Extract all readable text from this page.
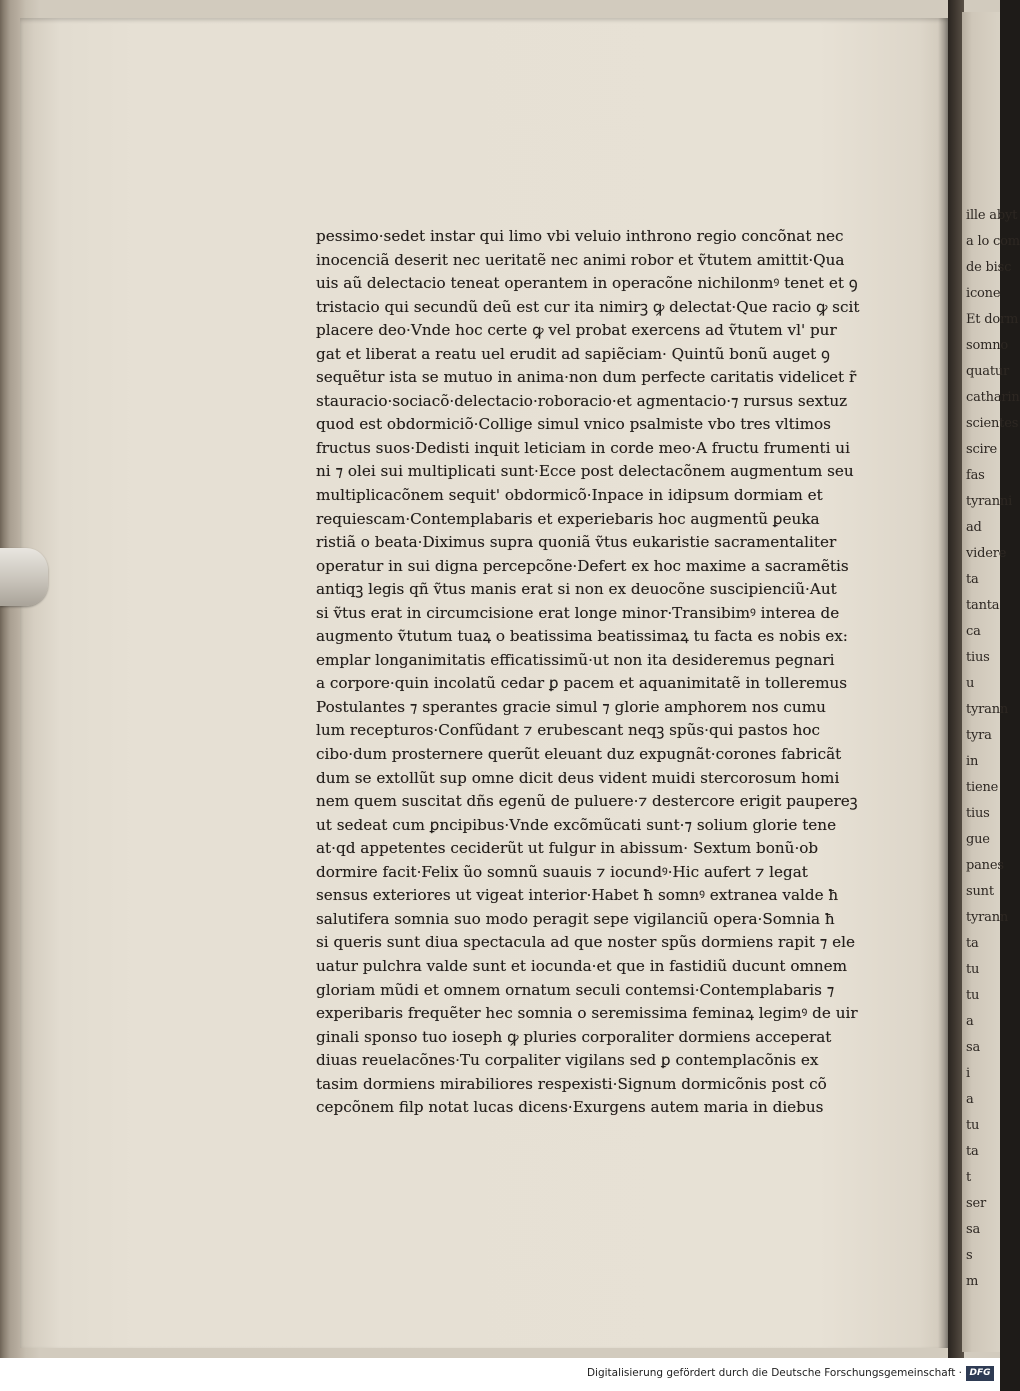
pessimo·sedet instar qui limo vbi veluio inthrono regio concõnat nec
inocenciã deserit nec ueritatẽ nec animi robor et ṽtutem amittit·Qua
uis aũ delectacio teneat operantem in operacõne nichilonmꝰ tenet et ꝯ
tristacio qui secundũ deũ est cur ita nimirꝫ ꝙ delectat·Que racio ꝙ scit
placere deo·Vnde hoc certe ꝙ vel probat exercens ad ṽtutem vl' pur
gat et liberat a reatu uel erudit ad sapiẽciam· Quintũ bonũ auget ꝯ
sequẽtur ista se mutuo in anima·non dum perfecte caritatis videlicet r̃
stauracio·sociacõ·delectacio·roboracio·et agmentacio·⁊ rursus sextuz
quod est obdormiciõ·Collige simul vnico psalmiste vbo tres vltimos
fructus suos·Dedisti inquit leticiam in corde meo·A fructu frumenti ui
ni ⁊ olei sui multiplicati sunt·Ecce post delectacõnem augmentum seu
multiplicacõnem sequit' obdormicõ·Inpace in idipsum dormiam et
requiescam·Contemplabaris et experiebaris hoc augmentũ ꝑeuka
ristiã o beata·Diximus supra quoniã ṽtus eukaristie sacramentaliter
operatur in sui digna percepcõne·Defert ex hoc maxime a sacramẽtis
antiqꝫ legis qñ ṽtus manis erat si non ex deuocõne suscipienciũ·Aut
si ṽtus erat in circumcisione erat longe minor·Transibimꝰ interea de
augmento ṽtutum tuaꝝ o beatissima beatissimaꝝ tu facta es nobis ex:
emplar longanimitatis efficatissimũ·ut non ita desideremus pegnari
a corpore·quin incolatũ cedar ꝑ pacem et aquanimitatẽ in tolleremus
Postulantes ⁊ sperantes gracie simul ⁊ glorie amphorem nos cumu
lum recepturos·Confũdant ⁊ erubescant neqꝫ spũs·qui pastos hoc
cibo·dum prosternere querũt eleuant duz expugnãt·corones fabricãt
dum se extollũt sup omne dicit deus vident muidi stercorosum homi
nem quem suscitat dñs egenũ de puluere·⁊ destercore erigit paupereꝫ
ut sedeat cum ꝑncipibus·Vnde excõmũcati sunt·⁊ solium glorie tene
at·qd appetentes ceciderũt ut fulgur in abissum· Sextum bonũ·ob
dormire facit·Felix ũo somnũ suauis ⁊ iocundꝰ·Hic aufert ⁊ legat
sensus exteriores ut vigeat interior·Habet ħ somnꝰ extranea valde ħ
salutifera somnia suo modo peragit sepe vigilanciũ opera·Somnia ħ
si queris sunt diua spectacula ad que noster spũs dormiens rapit ⁊ ele
uatur pulchra valde sunt et iocunda·et que in fastidiũ ducunt omnem
gloriam mũdi et omnem ornatum seculi contemsi·Contemplabaris ⁊
experibaris frequẽter hec somnia o seremissima feminaꝝ legimꝰ de uir
ginali sponso tuo ioseph ꝙ pluries corporaliter dormiens acceperat
diuas reuelacõnes·Tu corpaliter vigilans sed ꝑ contemplacõnis ex
tasim dormiens mirabiliores respexisti·Signum dormicõnis post cõ
cepcõnem filp notat lucas dicens·Exurgens autem maria in diebus
ille abyt
a lo com
de bisc
icone
Et dorm
somno
quatur
catharin
scientes
scire
fas
tyranni
ad
videre
ta
tanta
ca
tius
u
tyrann
tyra
in
tiene
tius
gue
panes
sunt
tyrann
ta
tu
tu
a
sa
i
a
tu
ta
t
ser
sa
s
m
Digitalisierung gefördert durch die Deutsche Forschungsgemeinschaft · DFG
